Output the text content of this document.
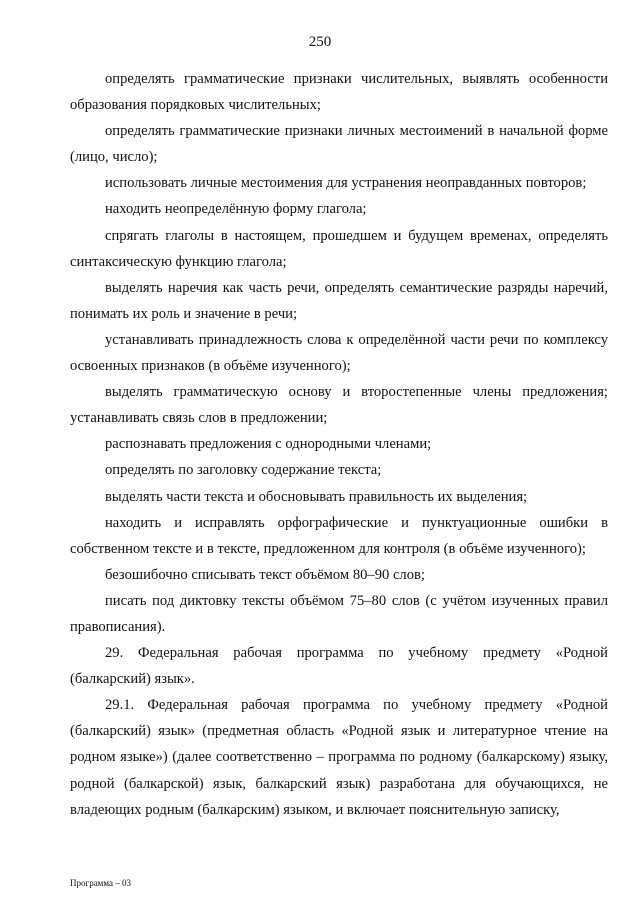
250

определять грамматические признаки числительных, выявлять особенности образования порядковых числительных;

определять грамматические признаки личных местоимений в начальной форме (лицо, число);

использовать личные местоимения для устранения неоправданных повторов;

находить неопределённую форму глагола;

спрягать глаголы в настоящем, прошедшем и будущем временах, определять синтаксическую функцию глагола;

выделять наречия как часть речи, определять семантические разряды наречий, понимать их роль и значение в речи;

устанавливать принадлежность слова к определённой части речи по комплексу освоенных признаков (в объёме изученного);

выделять грамматическую основу и второстепенные члены предложения; устанавливать связь слов в предложении;

распознавать предложения с однородными членами;

определять по заголовку содержание текста;

выделять части текста и обосновывать правильность их выделения;

находить и исправлять орфографические и пунктуационные ошибки в собственном тексте и в тексте, предложенном для контроля (в объёме изученного);

безошибочно списывать текст объёмом 80–90 слов;

писать под диктовку тексты объёмом 75–80 слов (с учётом изученных правил правописания).

29. Федеральная рабочая программа по учебному предмету «Родной (балкарский) язык».

29.1. Федеральная рабочая программа по учебному предмету «Родной (балкарский) язык» (предметная область «Родной язык и литературное чтение на родном языке») (далее соответственно – программа по родному (балкарскому) языку, родной (балкарской) язык, балкарский язык) разработана для обучающихся, не владеющих родным (балкарским) языком, и включает пояснительную записку,

Программа – 03
